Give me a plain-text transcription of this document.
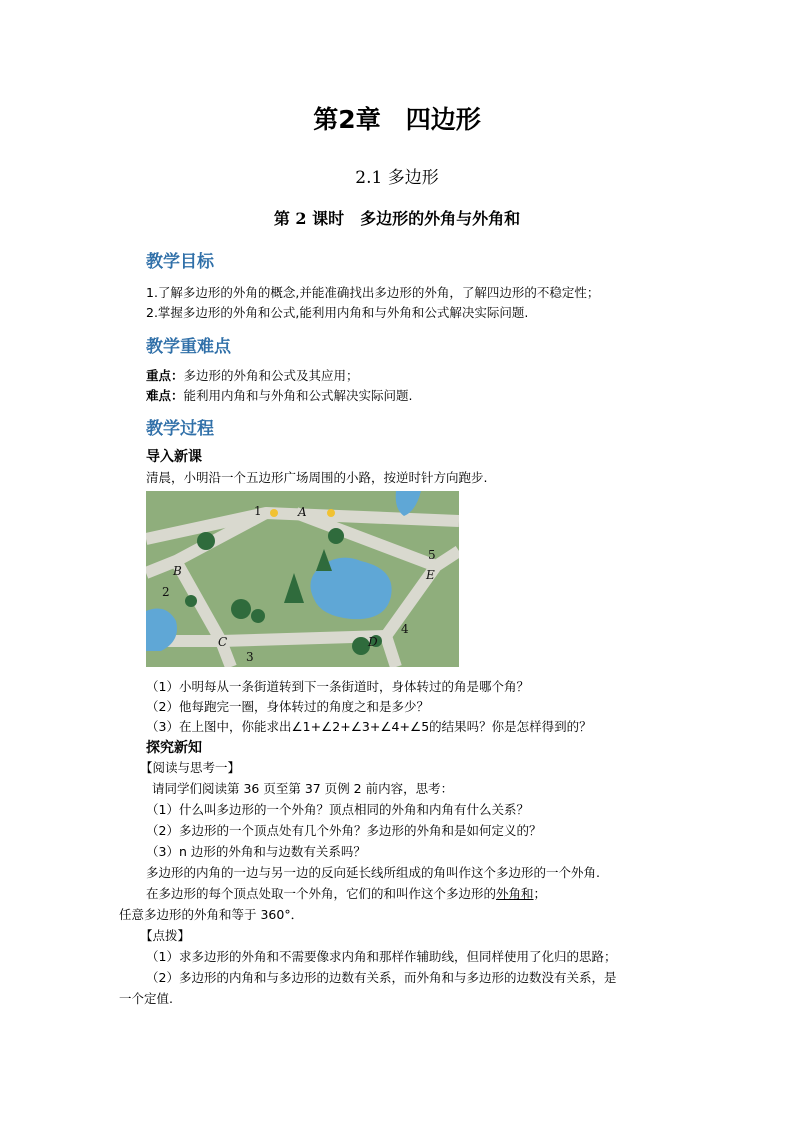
第2章　四边形
2.1 多边形
第 2 课时　多边形的外角与外角和
教学目标
1.了解多边形的外角的概念,并能准确找出多边形的外角，了解四边形的不稳定性；
2.掌握多边形的外角和公式,能利用内角和与外角和公式解决实际问题.
教学重难点
重点：多边形的外角和公式及其应用；
难点：能利用内角和与外角和公式解决实际问题.
教学过程
导入新课
清晨，小明沿一个五边形广场周围的小路，按逆时针方向跑步.
A
B
C	D
E
1
2
3
4
5
（1）小明每从一条街道转到下一条街道时，身体转过的角是哪个角？
（2）他每跑完一圈，身体转过的角度之和是多少？
（3）在上图中，你能求出∠1+∠2+∠3+∠4+∠5的结果吗？你是怎样得到的？
探究新知
【阅读与思考一】
请同学们阅读第 36 页至第 37 页例 2 前内容，思考：
（1）什么叫多边形的一个外角？顶点相同的外角和内角有什么关系？
（2）多边形的一个顶点处有几个外角？多边形的外角和是如何定义的？
（3）n 边形的外角和与边数有关系吗？
多边形的内角的一边与另一边的反向延长线所组成的角叫作这个多边形的一个外角.
在多边形的每个顶点处取一个外角，它们的和叫作这个多边形的外角和；
任意多边形的外角和等于 360°．
【点拨】
（1）求多边形的外角和不需要像求内角和那样作辅助线，但同样使用了化归的思路；
（2）多边形的内角和与多边形的边数有关系，而外角和与多边形的边数没有关系，是
一个定值.
